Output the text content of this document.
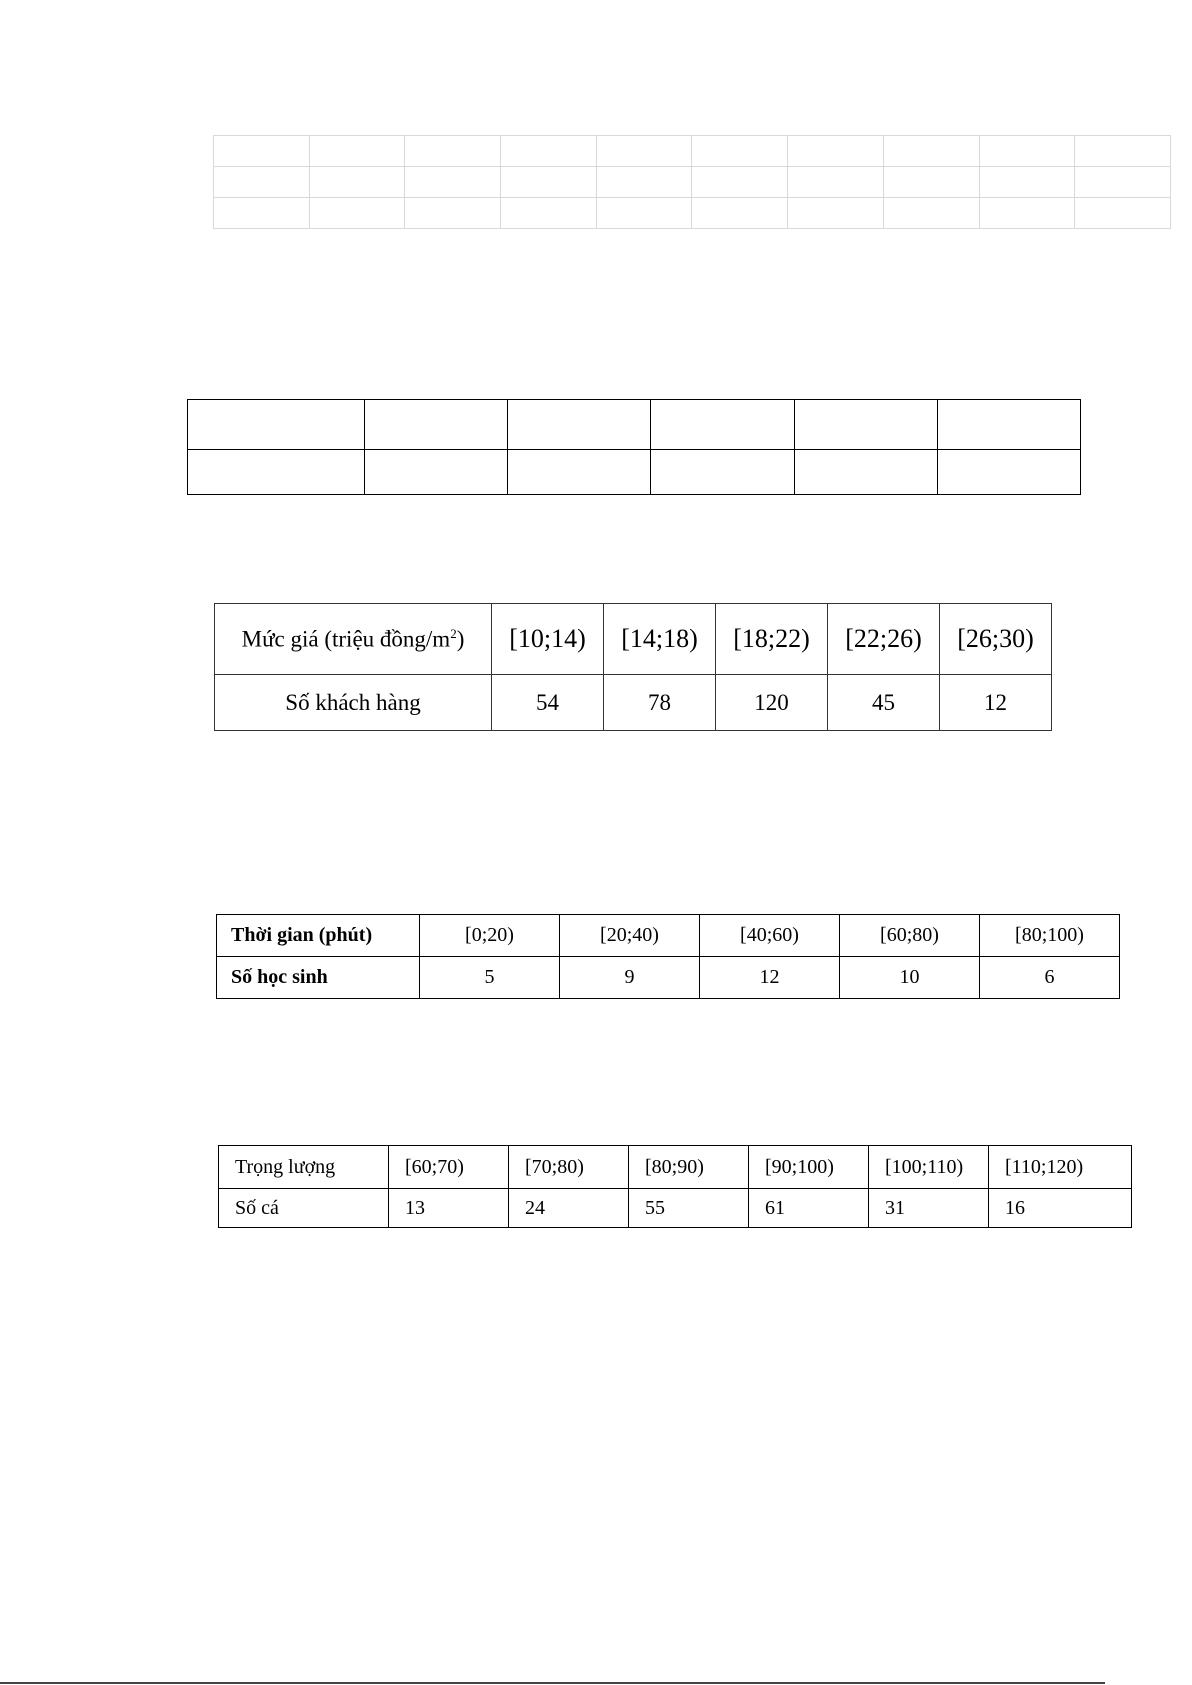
Mức giá (triệu đồng/$m^2$)	[10;14)	[14;18)	[18;22)	[22;26)	[26;30)
Số khách hàng	54	78	120	45	12
Thời gian (phút)	[0;20)	[20;40)	[40;60)	[60;80)	[80;100)
Số học sinh	5	9	12	10	6
Trọng lượng	[60;70)	[70;80)	[80;90)	[90;100)	[100;110)	[110;120)
Số cá	13	24	55	61	31	16
